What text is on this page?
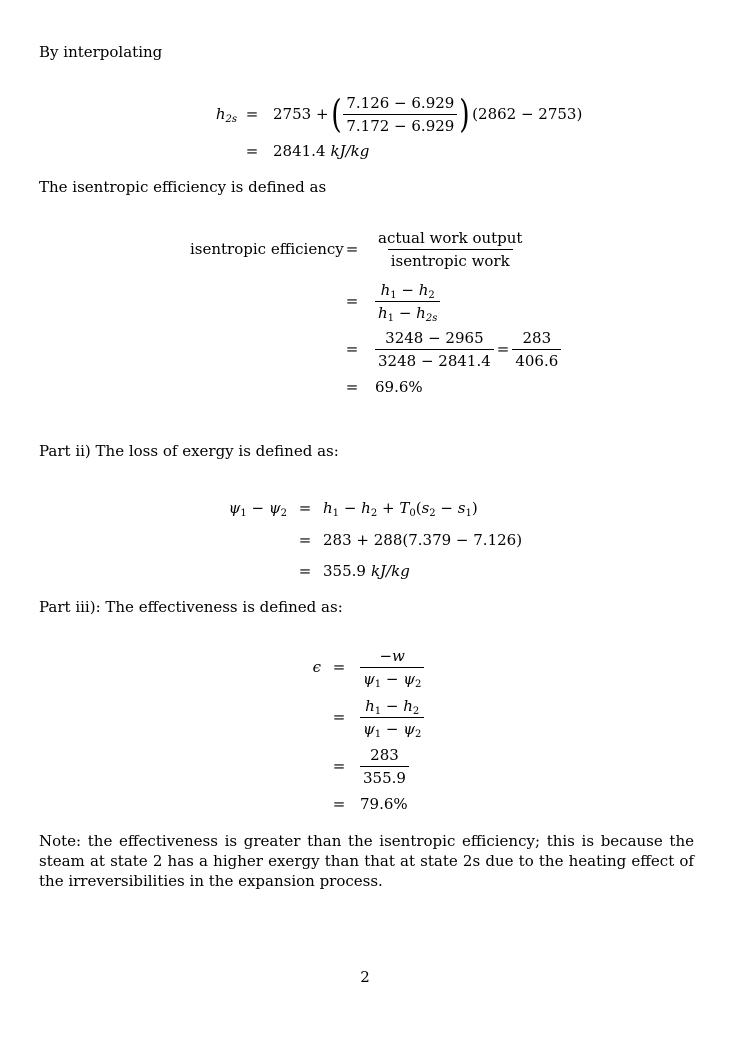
By interpolating
$h_{2s} = 2753$ + ( $\frac{7.126 - 6.929}{7.172 - 6.929}$ ) (2862 − 2753)
= 2841.4 kJ/kg
The isentropic efficiency is defined as
isentropic efficiency =	$\frac{\text{actual work output}}{\text{isentropic work}}$
=	$\frac{h_1 - h_2}{h_1 - h_{2s}}$
=	$\frac{3248 - 2965}{3248 - 2841.4} = \frac{283}{406.6}$
=	69.6%
Part ii) The loss of exergy is defined as:
$\psi_1 - \psi_2 = h_1 - h_2 + T_0(s_2 - s_1)$
= 283 + 288(7.379 − 7.126)
= 355.9 kJ/kg
Part iii): The effectiveness is defined as:
$\epsilon = \frac{-w}{\psi_1 - \psi_2}$
= $\frac{h_1 - h_2}{\psi_1 - \psi_2}$
= $\frac{283}{355.9}$
= 79.6%
Note: the effectiveness is greater than the isentropic efficiency; this is because the steam at state 2 has a higher exergy than that at state 2s due to the heating effect of the irreversibilities in the expansion process.
2
